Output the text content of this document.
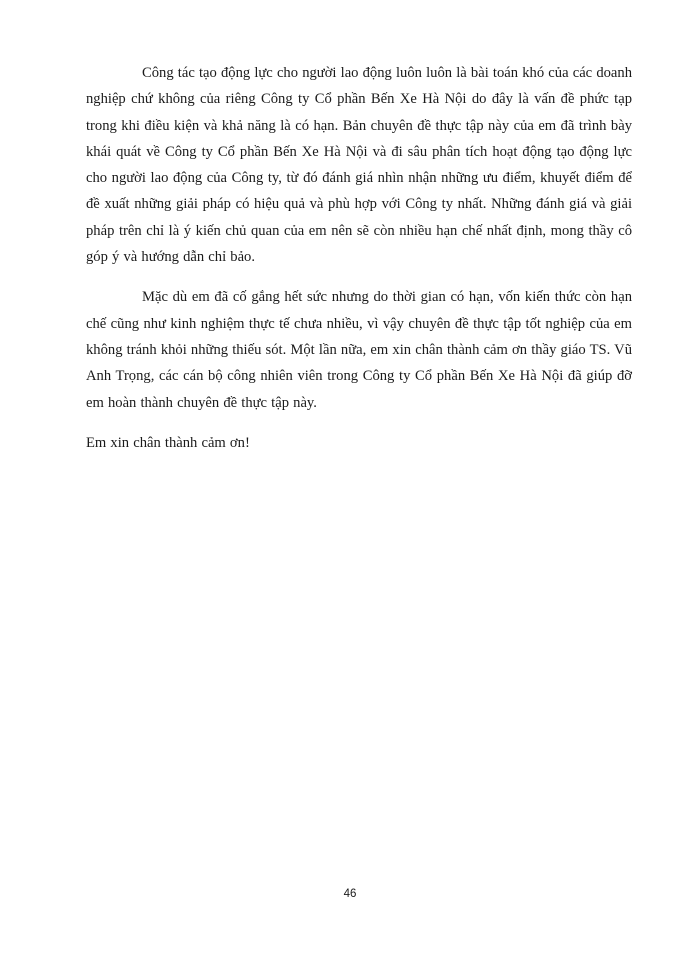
Công tác tạo động lực cho người lao động luôn luôn là bài toán khó của các doanh nghiệp chứ không của riêng Công ty Cổ phần Bến Xe Hà Nội do đây là vấn đề phức tạp trong khi điều kiện và khả năng là có hạn. Bản chuyên đề thực tập này của em đã trình bày khái quát về Công ty Cổ phần Bến Xe Hà Nội và đi sâu phân tích hoạt động tạo động lực cho người lao động của Công ty, từ đó đánh giá nhìn nhận những ưu điểm, khuyết điểm để đề xuất những giải pháp có hiệu quả và phù hợp với Công ty nhất. Những đánh giá và giải pháp trên chỉ là ý kiến chủ quan của em nên sẽ còn nhiều hạn chế nhất định, mong thầy cô góp ý và hướng dẫn chỉ bảo.

Mặc dù em đã cố gắng hết sức nhưng do thời gian có hạn, vốn kiến thức còn hạn chế cũng như kinh nghiệm thực tế chưa nhiều, vì vậy chuyên đề thực tập tốt nghiệp của em không tránh khỏi những thiếu sót. Một lần nữa, em xin chân thành cảm ơn thầy giáo TS. Vũ Anh Trọng, các cán bộ công nhiên viên trong Công ty Cổ phần Bến Xe Hà Nội đã giúp đỡ em hoàn thành chuyên đề thực tập này.

Em xin chân thành cảm ơn!

46
